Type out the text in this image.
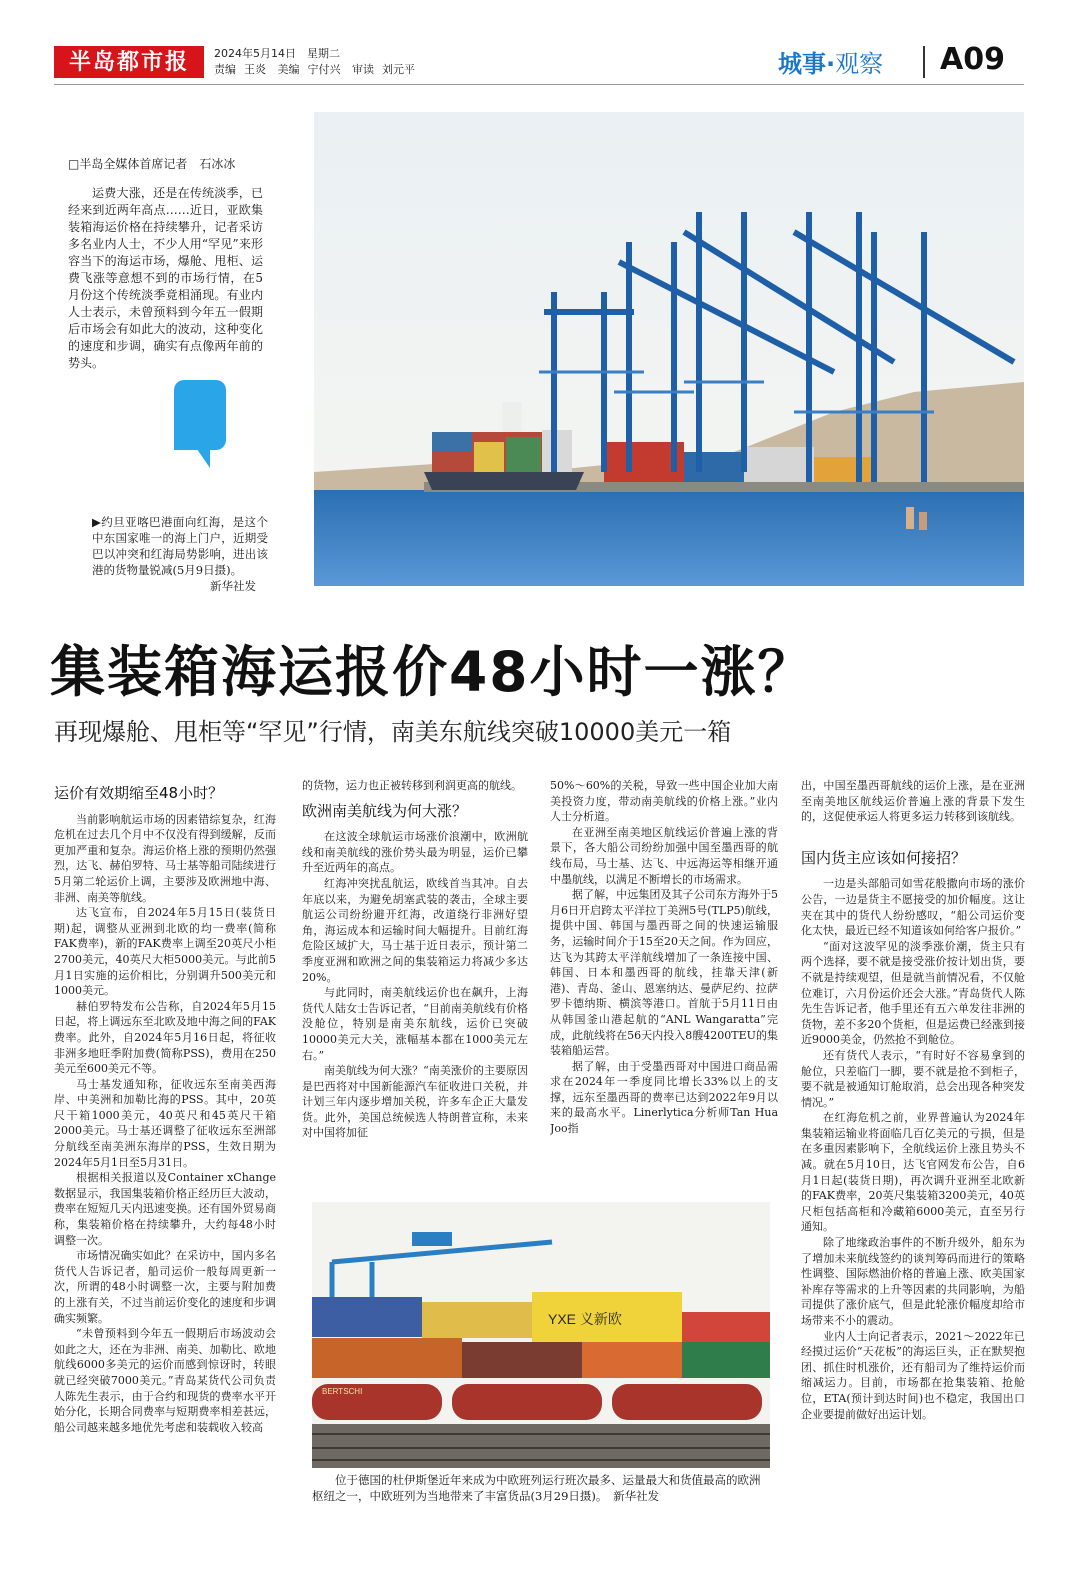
半岛都市报	2024年5月14日　星期二
责编 王炎 美编 宁付兴 审读 刘元平	城事·观察	A09
□半岛全媒体首席记者　石冰冰
运费大涨，还是在传统淡季，已经来到近两年高点……近日，亚欧集装箱海运价格在持续攀升，记者采访多名业内人士，不少人用“罕见”来形容当下的海运市场，爆舱、甩柜、运费飞涨等意想不到的市场行情，在5月份这个传统淡季竟相涌现。有业内人士表示，未曾预料到今年五一假期后市场会有如此大的波动，这种变化的速度和步调，确实有点像两年前的势头。
▶约旦亚喀巴港面向红海，是这个中东国家唯一的海上门户，近期受巴以冲突和红海局势影响，进出该港的货物量锐减(5月9日摄)。
新华社发
集装箱海运报价48小时一涨？
再现爆舱、甩柜等“罕见”行情，南美东航线突破10000美元一箱
运价有效期缩至48小时？

当前影响航运市场的因素错综复杂，红海危机在过去几个月中不仅没有得到缓解，反而更加严重和复杂。海运价格上涨的预期仍然强烈，达飞、赫伯罗特、马士基等船司陆续进行5月第二轮运价上调，主要涉及欧洲地中海、非洲、南美等航线。

达飞宣布，自2024年5月15日(装货日期)起，调整从亚洲到北欧的均一费率(简称FAK费率)，新的FAK费率上调至20英尺小柜2700美元，40英尺大柜5000美元。与此前5月1日实施的运价相比，分别调升500美元和1000美元。

赫伯罗特发布公告称，自2024年5月15日起，将上调远东至北欧及地中海之间的FAK费率。此外，自2024年5月16日起，将征收非洲多地旺季附加费(简称PSS)，费用在250美元至600美元不等。

马士基发通知称，征收远东至南美西海岸、中美洲和加勒比海的PSS。其中，20英尺干箱1000美元，40英尺和45英尺干箱2000美元。马士基还调整了征收远东至洲部分航线至南美洲东海岸的PSS，生效日期为2024年5月1日至5月31日。

根据相关报道以及Container xChange数据显示，我国集装箱价格正经历巨大波动，费率在短短几天内迅速变换。还有国外贸易商称，集装箱价格在持续攀升，大约每48小时调整一次。

市场情况确实如此？在采访中，国内多名货代人告诉记者，船司运价一般每周更新一次，所谓的48小时调整一次，主要与附加费的上涨有关，不过当前运价变化的速度和步调确实频繁。

“未曾预料到今年五一假期后市场波动会如此之大，还在为非洲、南美、加勒比、欧地航线6000多美元的运价而感到惊讶时，转眼就已经突破7000美元。”青岛某货代公司负责人陈先生表示，由于合约和现货的费率水平开始分化，长期合同费率与短期费率相差甚远，船公司越来越多地优先考虑和装载收入较高

的货物，运力也正被转移到利润更高的航线。

欧洲南美航线为何大涨？

在这波全球航运市场涨价浪潮中，欧洲航线和南美航线的涨价势头最为明显，运价已攀升至近两年的高点。

红海冲突扰乱航运，欧线首当其冲。自去年底以来，为避免胡塞武装的袭击，全球主要航运公司纷纷避开红海，改道绕行非洲好望角，海运成本和运输时间大幅提升。目前红海危险区域扩大，马士基于近日表示，预计第二季度亚洲和欧洲之间的集装箱运力将减少多达20%。

与此同时，南美航线运价也在飙升，上海货代人陆女士告诉记者，“目前南美航线有价格没舱位，特别是南美东航线，运价已突破10000美元大关，涨幅基本都在1000美元左右。”

南美航线为何大涨？“南美涨价的主要原因是巴西将对中国新能源汽车征收进口关税，并计划三年内逐步增加关税，许多车企正大量发货。此外，美国总统候选人特朗普宣称，未来对中国将加征

50%～60%的关税，导致一些中国企业加大南美投资力度，带动南美航线的价格上涨。”业内人士分析道。

在亚洲至南美地区航线运价普遍上涨的背景下，各大船公司纷纷加强中国至墨西哥的航线布局，马士基、达飞、中远海运等相继开通中墨航线，以满足不断增长的市场需求。

据了解，中远集团及其子公司东方海外于5月6日开启跨太平洋拉丁美洲5号(TLP5)航线，提供中国、韩国与墨西哥之间的快速运输服务，运输时间介于15至20天之间。作为回应，达飞为其跨太平洋航线增加了一条连接中国、韩国、日本和墨西哥的航线，挂靠天津(新港)、青岛、釜山、恩塞纳达、曼萨尼约、拉萨罗卡德纳斯、横滨等港口。首航于5月11日由从韩国釜山港起航的“ANL Wangaratta”完成，此航线将在56天内投入8艘4200TEU的集装箱船运营。

据了解，由于受墨西哥对中国进口商品需求在2024年一季度同比增长33%以上的支撑，远东至墨西哥的费率已达到2022年9月以来的最高水平。Linerlytica分析师Tan Hua Joo指

出，中国至墨西哥航线的运价上涨，是在亚洲至南美地区航线运价普遍上涨的背景下发生的，这促使承运人将更多运力转移到该航线。

国内货主应该如何接招？

一边是头部船司如雪花般撒向市场的涨价公告，一边是货主不愿接受的加价幅度。这让夹在其中的货代人纷纷感叹，“船公司运价变化太快，最近已经不知道该如何给客户报价。”

“面对这波罕见的淡季涨价潮，货主只有两个选择，要不就是接受涨价按计划出货，要不就是持续观望，但是就当前情况看，不仅舱位难订，六月份运价还会大涨。”青岛货代人陈先生告诉记者，他手里还有五六单发往非洲的货物，差不多20个货柜，但是运费已经涨到接近9000美金，仍然抢不到舱位。

还有货代人表示，“有时好不容易拿到的舱位，只差临门一脚，要不就是抢不到柜子，要不就是被通知订舱取消，总会出现各种突发情况。”

在红海危机之前，业界普遍认为2024年集装箱运输业将面临几百亿美元的亏损，但是在多重因素影响下，全航线运价上涨且势头不减。就在5月10日，达飞官网发布公告，自6月1日起(装货日期)，再次调升亚洲至北欧新的FAK费率，20英尺集装箱3200美元，40英尺柜包括高柜和冷藏箱6000美元，直至另行通知。

除了地缘政治事件的不断升级外，船东为了增加未来航线签约的谈判筹码而进行的策略性调整、国际燃油价格的普遍上涨、欧美国家补库存等需求的上升等因素的共同影响，为船司提供了涨价底气，但是此轮涨价幅度却给市场带来不小的震动。

业内人士向记者表示，2021～2022年已经摸过运价“天花板”的海运巨头，正在默契抱团、抓住时机涨价，还有船司为了维持运价而缩减运力。目前，市场都在抢集装箱、抢舱位，ETA(预计到达时间)也不稳定，我国出口企业要提前做好出运计划。

YXE 义新欧
BERTSCHI
位于德国的杜伊斯堡近年来成为中欧班列运行班次最多、运量最大和货值最高的欧洲枢纽之一，中欧班列为当地带来了丰富货品(3月29日摄)。　 新华社发
